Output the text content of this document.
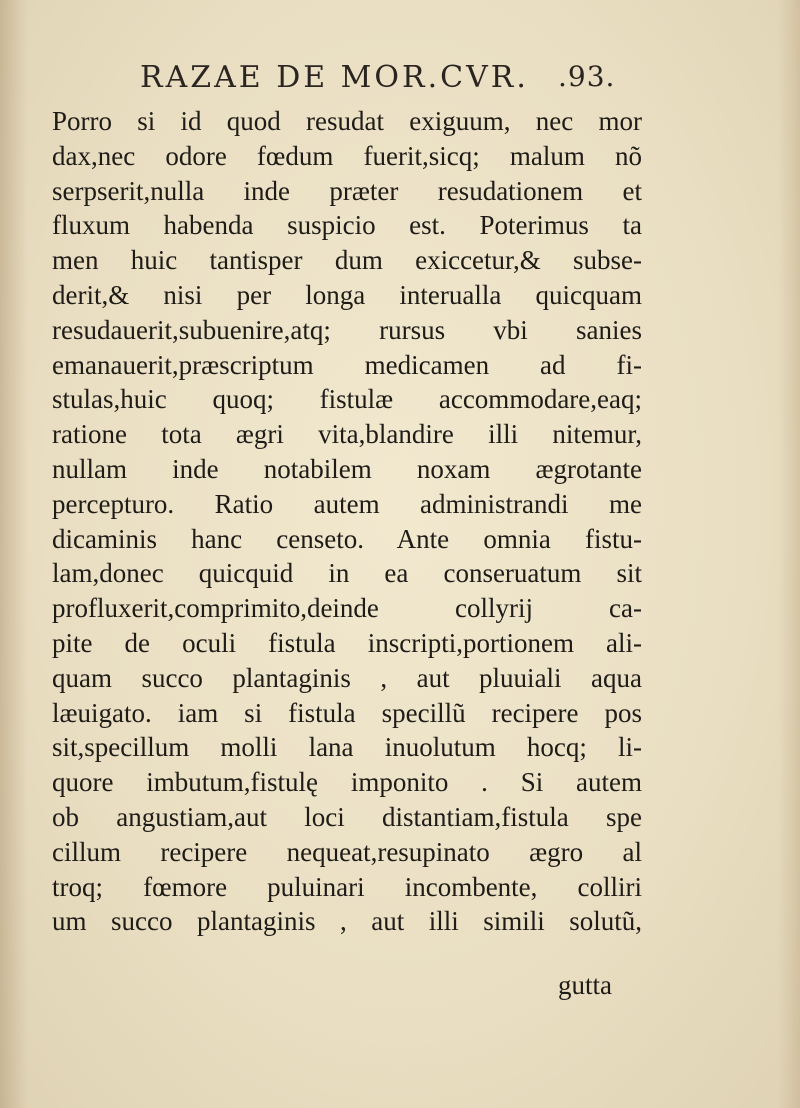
RAZAE DE MOR.CVR. .93.
Porro si id quod resudat exiguum, nec mor
dax,nec odore fœdum fuerit,sicq; malum nõ
serpserit,nulla inde præter resudationem et
fluxum habenda suspicio est. Poterimus ta
men huic tantisper dum exiccetur,& subse-
derit,& nisi per longa interualla quicquam
resudauerit,subuenire,atq; rursus vbi sanies
emanauerit,præscriptum medicamen ad fi-
stulas,huic quoq; fistulæ accommodare,eaq;
ratione tota ægri vita,blandire illi nitemur,
nullam inde notabilem noxam ægrotante
percepturo. Ratio autem administrandi me
dicaminis hanc censeto. Ante omnia fistu-
lam,donec quicquid in ea conseruatum sit
profluxerit,comprimito,deinde collyrij ca-
pite de oculi fistula inscripti,portionem ali-
quam succo plantaginis , aut pluuiali aqua
læuigato. iam si fistula specillũ recipere pos
sit,specillum molli lana inuolutum hocq; li-
quore imbutum,fistulę imponito . Si autem
ob angustiam,aut loci distantiam,fistula spe
cillum recipere nequeat,resupinato ægro al
troq; fœmore puluinari incombente, colliri
um succo plantaginis , aut illi simili solutũ,
gutta
